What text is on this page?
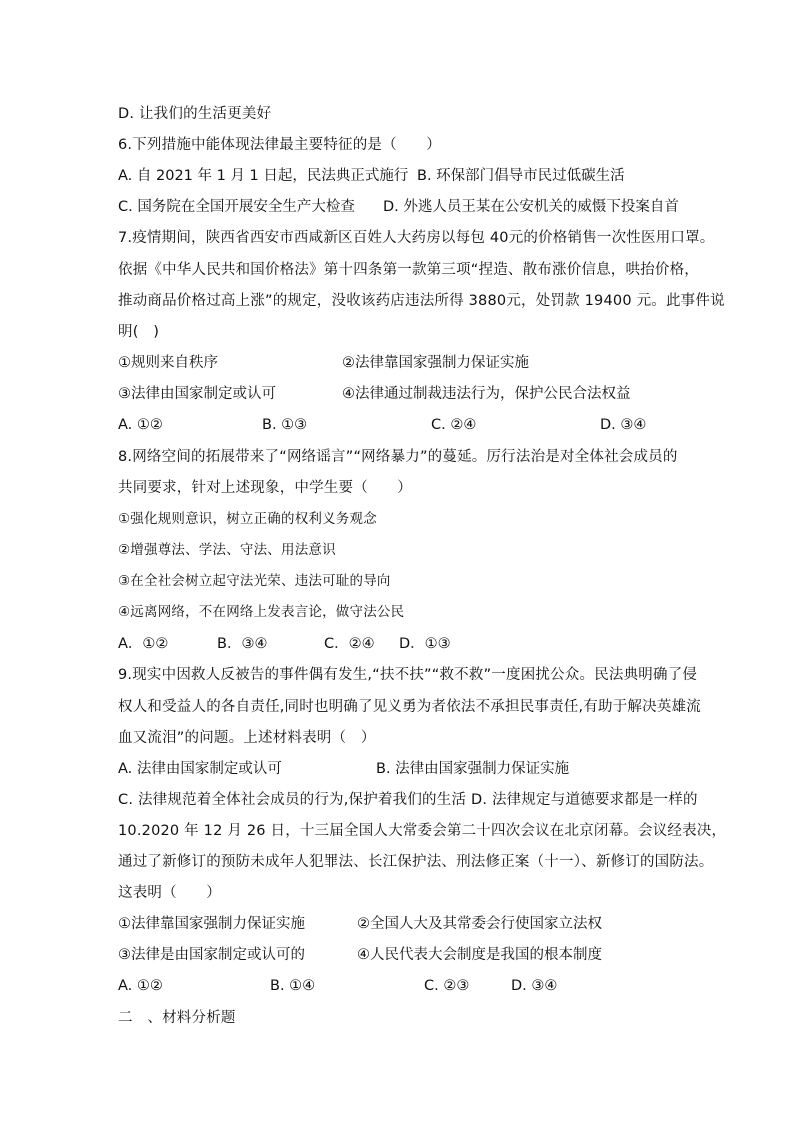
D. 让我们的生活更美好
6.下列措施中能体现法律最主要特征的是（　　）
A. 自 2021 年 1 月 1 日起，民法典正式施行 B. 环保部门倡导市民过低碳生活
C. 国务院在全国开展安全生产大检查 D. 外逃人员王某在公安机关的威慑下投案自首
7.疫情期间，陕西省西安市西咸新区百姓人大药房以每包 40元的价格销售一次性医用口罩。
依据《中华人民共和国价格法》第十四条第一款第三项“捏造、散布涨价信息，哄抬价格，
推动商品价格过高上涨”的规定，没收该药店违法所得 3880元，处罚款 19400 元。此事件说
明(　)
①规则来自秩序	②法律靠国家强制力保证实施
③法律由国家制定或认可	④法律通过制裁违法行为，保护公民合法权益
A. ①②	B. ①③	C. ②④	D. ③④
8.网络空间的拓展带来了“网络谣言”“网络暴力”的蔓延。厉行法治是对全体社会成员的
共同要求，针对上述现象，中学生要（　　）
①强化规则意识，树立正确的权利义务观念
②增强尊法、学法、守法、用法意识
③在全社会树立起守法光荣、违法可耻的导向
④远离网络，不在网络上发表言论，做守法公民
A．①②	B．③④	C．②④ D．①③
9.现实中因救人反被告的事件偶有发生,“扶不扶”“救不救”一度困扰公众。民法典明确了侵
权人和受益人的各自责任,同时也明确了见义勇为者依法不承担民事责任,有助于解决英雄流
血又流泪”的问题。上述材料表明（　）
A. 法律由国家制定或认可	B. 法律由国家强制力保证实施
C. 法律规范着全体社会成员的行为,保护着我们的生活 D. 法律规定与道德要求都是一样的
10.2020 年 12 月 26 日，十三届全国人大常委会第二十四次会议在北京闭幕。会议经表决，
通过了新修订的预防未成年人犯罪法、长江保护法、刑法修正案（十一）、新修订的国防法。
这表明（　　）
①法律靠国家强制力保证实施	②全国人大及其常委会行使国家立法权
③法律是由国家制定或认可的	④人民代表大会制度是我国的根本制度
A. ①②	B. ①④	C. ②③	D. ③④
二　、材料分析题
